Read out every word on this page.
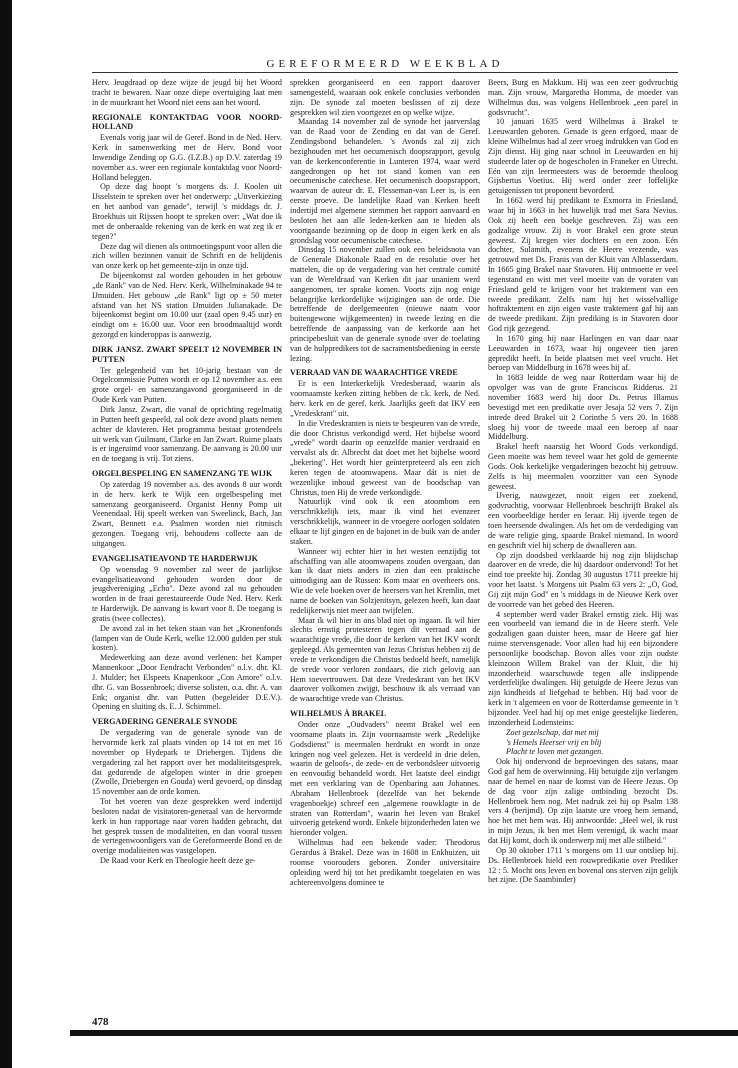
GEREFORMEERD WEEKBLAD

Herv. Jeugdraad op deze wijze de jeugd bij het Woord tracht te bewaren. Naar onze diepe overtuiging laat men in de muurkrant het Woord niet eens aan het woord.

REGIONALE KONTAKTDAG VOOR NOORD-HOLLAND

Evenals vorig jaar wil de Geref. Bond in de Ned. Herv. Kerk in samenwerking met de Herv. Bond voor Inwendige Zending op G.G. (I.Z.B.) op D.V. zaterdag 19 november a.s. weer een regionale kontaktdag voor Noord-Holland beleggen.

Op deze dag hoopt 's morgens ds. J. Koolen uit IJsselstein te spreken over het onderwerp: „Uitverkiezing en het aanbod van genade", terwijl 's middags dr. J. Broekhuis uit Rijssen hoopt te spreken over: „Wat doe ik met de onberaalde rekening van de kerk en wat zeg ik er tegen?"

Deze dag wil dienen als ontmoetingspunt voor allen die zich willen bezinnen vanuit de Schrift en de belijdenis van onze kerk op het gemeente-zijn in onze tijd.

De bijeenkomst zal worden gehouden in het gebouw „de Rank" van de Ned. Herv. Kerk, Wilhelminakade 94 te IJmuiden. Het gebouw „de Rank" ligt op ± 50 meter afstand van het NS station IJmuiden Julianakade. De bijeenkomst begint om 10.00 uur (zaal open 9.45 uur) en eindigt om ± 16.00 uur. Voor een broodmaaltijd wordt gezorgd en kinderoppas is aanwezig.

DIRK JANSZ. ZWART SPEELT 12 NOVEMBER IN PUTTEN

Ter gelegenheid van het 10-jarig bestaan van de Orgelcommissie Putten wordt er op 12 november a.s. een grote orgel- en samenzangavond georganiseerd in de Oude Kerk van Putten.

Dirk Jansz. Zwart, die vanaf de oprichting regelmatig in Putten heeft gespeeld, zal ook deze avond plaats nemen achter de klavieren. Het programma bestaat grotendeels uit werk van Guilmant, Clarke en Jan Zwart. Ruime plaats is er ingeruimd voor samenzang. De aanvang is 20.00 uur en de toegang is vrij. Tot ziens.

ORGELBESPELING EN SAMENZANG TE WIJK

Op zaterdag 19 november a.s. des avonds 8 uur wordt in de herv. kerk te Wijk een orgelbespeling met samenzang georganiseerd. Organist Henny Pomp uit Veenendaal. Hij speelt werken van Sweelinck, Bach, Jan Zwart, Bennett e.a. Psalmen worden niet ritmisch gezongen. Toegang vrij, behoudens collecte aan de uitgangen.

EVANGELISATIEAVOND TE HARDERWIJK

Op woensdag 9 november zal weer de jaarlijkse evangelisatieavond gehouden worden door de jeugdvereniging „Echo". Deze avond zal nu gehouden worden in de fraai gerestaureerde Oude Ned. Herv. Kerk te Harderwijk. De aanvang is kwart voor 8. De toegang is gratis (twee collectes).

De avond zal in het teken staan van het „Kronenfonds (lampen van de Oude Kerk, welke 12.000 gulden per stuk kosten).

Medewerking aan deze avond verlenen: het Kamper Mannenkoor „Door Eendracht Verbonden" o.l.v. dhr. Kl. J. Mulder; het Elspeets Knapenkoor „Con Amore" o.l.v. dhr. G. van Bossenbroek; diverse solisten, o.a. dhr. A. van Enk; organist dhr. van Putten (begeleider D.E.V.). Opening en sluiting ds. E. J. Schimmel.

VERGADERING GENERALE SYNODE

De vergadering van de generale synode van de hervormde kerk zal plaats vinden op 14 tot en met 16 november op Hydepark te Driebergen. Tijdens die vergadering zal het rapport over het modaliteitsgesprek, dat gedurende de afgelopen winter in drie groepen (Zwolle, Driebergen en Gouda) werd gevoerd, op dinsdag 15 november aan de orde komen.

Tot het voeren van deze gesprekken werd indertijd besloten nadat de visitatoren-generaal van de hervormde kerk in hun rapportage naar voren hadden gebracht, dat het gesprek tussen de modaliteiten, en dan vooral tussen de vertegenwoordigers van de Gereformeerde Bond en de overige modaliteiten was vastgelopen.

De Raad voor Kerk en Theologie heeft deze ge-

sprekken georganiseerd en een rapport daarover samengesteld, waaraan ook enkele conclusies verbonden zijn. De synode zal moeten beslissen of zij deze gesprekken wil zien voortgezet en op welke wijze.

Maandag 14 november zal de synode het jaarverslag van de Raad voor de Zending en dat van de Geref. Zendingsbond behandelen. 's Avonds zal zij zich bezighouden met het oecumenisch doopsrapport, gevolg van de kerkenconferentie in Lunteren 1974, waar werd aangedrongen op het tot stand komen van een oecumenische catechese. Het oecumenisch doopsrapport, waarvan de auteur dr. E. Flesseman-van Leer is, is een eerste proeve. De landelijke Raad van Kerken heeft indertijd met algemene stemmen het rapport aanvaard en besloten het aan alle leden-kerken aan te bieden als voortgaande bezinning op de doop in eigen kerk en als grondslag voor oecumenische catechese.

Dinsdag 15 november zullen ook een beleidsnota van de Generale Diakonale Raad en de resolutie over het mattelen, die op de vergadering van het centrale comité van de Wereldraad van Kerken dit jaar unaniem werd aangenomen, ter sprake komen. Voorts zijn nog enige belangrijke kerkordelijke wijzigingen aan de orde. Die betreffende de deelgemeenten (nieuwe naam voor buitengewone wijkgemeenten) in tweede lezing en die betreffende de aanpassing van de kerkorde aan het principebesluit van de generale synode over de toelating van de hulppredikers tot de sacramentsbediening in eerste lezing.

VERRAAD VAN DE WAARACHTIGE VREDE

Er is een Interkerkelijk Vredesberaad, waarin als voornaamste kerken zitting hebben de r.k. kerk, de Ned. herv. kerk en de geref. kerk. Jaarlijks geeft dat IKV een „Vredeskrant" uit.

In die Vredeskranten is niets te bespeuren van de vrede, die door Christus verkondigd werd. Het bijbelse woord „vrede" wordt daarin op eenzelfde manier verdraaid en vervalst als dr. Albrecht dat doet met het bijbelse woord „bekering". Het wordt hier geïnterpreteerd als een zich keren tegen de atoomwapens. Maar dát is niet de wezenlijke inhoud geweest van de boodschap van Christus, toen Hij de vrede verkondigde.

Natuurlijk vind ook ik een atoombom een verschrikkelijk iets, maar ik vind het evenzeer verschrikkelijk, wanneer in de vroegere oorlogen soldaten elkaar te lijf gingen en de bajonet in de buik van de ander staken.

Wanneer wij echter hier in het westen eenzijdig tot afschaffing van alle atoomwapens zouden overgaan, dan kan ik daar niets anders in zien dan een praktische uitnodiging aan de Russen: Kom maar en overheers ons. Wie de vele boeken over de heersers van het Kremlin, met name de boeken van Solzjenitsyn, gelezen heeft, kan daar redelijkerwijs niet meer aan twijfelen.

Maar ik wil hier in ons blad niet op ingaan. Ik wil hier slechts ernstig protesteren tegen dit verraad aan de waarachtige vrede, die door de kerken van het IKV wordt gepleegd. Als gemeenten van Jezus Christus hebben zij de vrede te verkondigen die Christus bedoeld heeft, namelijk de vrede voor verloren zondaars, die zich gelovig aan Hem toevertrouwen. Dat deze Vredeskrant van het IKV daarover volkomen zwijgt, beschouw ik als verraad van de waarachtige vrede van Christus.

WILHELMUS À BRAKEL

Onder onze „Oudvaders" neemt Brakel wel een voorname plaats in. Zijn voornaamste werk „Redelijke Godsdienst" is meermalen herdrukt en wordt in onze kringen nog veel gelezen. Het is verdeeld in drie delen, waarin de geloofs-, de zede- en de verbondsleer uitvoerig en eenvoudig behandeld wordt. Het laatste deel eindigt met een verklaring van de Openbaring aan Johannes. Abraham Hellenbroek (dezelfde van het bekende vragenboekje) schreef een „algemene rouwklagte in de straten van Rotterdam", waarin het leven van Brakel uitvoerig getekend wordt. Enkele bijzonderheden laten we hieronder volgen.

Wilhelmus had een bekende vader: Theodorus Gerardus à Brakel. Deze was in 1608 in Enkhuizen, uit roomse voorouders geboren. Zonder universitaire opleiding werd hij tot het predikambt toegelaten en was achtereenvolgens dominee te

Beers, Burg en Makkum. Hij was een zeer godvruchtig man. Zijn vrouw, Margaretha Homma, de moeder van Wilhelmus dus, was volgens Hellenbroek „een parel in godsvrucht".

10 januari 1635 werd Wilhelmus à Brakel te Leeuwarden geboren. Genade is geen erfgoed, maar de kleine Wilhelmus had al zeer vroeg indrukken van God en Zijn dienst. Hij ging naar school in Leeuwarden en hij studeerde later op de hogescholen in Franeker en Utrecht. Eén van zijn leermeesters was de beroemde theoloog Gijsbertus Voetius. Hij werd onder zeer loffelijke getuigenissen tot proponent bevorderd.

In 1662 werd hij predikant te Exmorra in Friesland, waar hij in 1663 in het huwelijk trad met Sara Nevius. Ook zij heeft een boekje geschreven. Zij was een godzalige vrouw. Zij is voor Brakel een grote steun geweest. Zij kregen vier dochters en een zoon. Eén dochter, Sulamith, evenens de Heere vrezende, was getrouwd met Ds. Franis van der Kluit van Alblasserdam. In 1665 ging Brakel naar Stavoren. Hij ontmoette er veel tegenstand en wist met veel moeite van de voraten van Friesland geld te krijgen voor het traktement van een tweede predikant. Zelfs nam hij het wisselvallige hoftraktement en zijn eigen vaste traktement gaf hij aan de tweede predikant. Zijn prediking is in Stavoren door God rijk gezegend.

In 1670 ging hij naar Harlingen en van daar naar Leeuwarden in 1673, waar hij ongeveer tien jaren gepredikt heeft. In beide plaatsen met veel vrucht. Het beroep van Middelburg in 1678 wees hij af.

In 1683 leidde de weg naar Rotterdam waar hij de opvolger was van de grote Franciscus Ridderus. 21 november 1683 werd hij door Ds. Petrus Illamus bevestigd met een predikatie over Jesaja 52 vers 7. Zijn intrede deed Brakel uit 2 Corinthe 5 vers 20. In 1688 sloeg hij voor de tweede maal een beroep af naar Middelburg.

Brakel heeft naarstig het Woord Gods verkondigd. Geen moeite was hem teveel waar het gold de gemeente Gods. Ook kerkelijke vergaderingen bezocht hij getrouw. Zelfs is hij meermalen voorzitter van een Synode geweest.

IJverig, nauwgezet, nooit eigen eer zoekend, godvruchtig, voorwaar Hellenbroek beschrijft Brakel als een voorbeeldige herder en leraar. Hij ijverde tegen de toen heersende dwalingen. Als het om de verdediging van de ware religie ging, spaarde Brakel niemand. In woord en geschrift viel hij scherp de dwaalleren aan.

Op zijn doodsbed verklaarde hij nog zijn blijdschap daarover en de vrede, die hij daardoor ondervond! Tot het eind toe preekte hij. Zondag 30 augustus 1711 preekte hij voor het laatst. 's Morgens uit Psalm 63 vers 2: „O, God, Gij zijt mijn God" en 's middags in de Nieuwe Kerk over de voorrede van het gebed des Heeren.

4 september werd vader Brakel ernstig ziek. Hij was een voorbeeld van iemand die in de Heere sterft. Vele godzaligen gaan duister heen, maar de Heere gaf hier ruime stervensgenade. Voor allen had hij een bijzondere persoonlijke boodschap. Bovon alles voor zijn oudste kleinzoon Willem Brakel van der Kluit, die hij inzonderheid waarschuwde tegen alle inslippende verderfelijke dwalingen. Hij getuigde de Heere Jezus van zijn kindheids af liefgehad te hebben. Hij bad voor de kerk in 't algemeen en voor de Rotterdamse gemeente in 't bijzonder. Veel had hij op met enige geestelijke liederen, inzonderheid Lodensteins:

Zoet gezelschap, dat met mij
's Hemels Heerser vrij en blij
Placht te loven met gezangen.

Ook hij ondervond de beproevingen des satans, maar God gaf hem de overwinning. Hij betuigde zijn verlangen naar de hemel en naar de komst van de Heere Jezus. Op de dag voor zijn zalige ontbinding bezocht Ds. Hellenbroek hem nog. Met nadruk zei hij op Psalm 138 vers 4 (berijmd). Op zijn laatste ure vroeg hem iemand, hoe het met hem was. Hij antwoordde: „Heel wel, ik rust in mijn Jezus, ik ben met Hem verenigd, ik wacht maar dat Hij komt, doch ik onderwerp mij met alle stilheid."

Op 30 oktober 1711 's morgens om 11 uur ontsliep hij. Ds. Hellenbroek hield een rouwpredikatie over Prediker 12 : 5. Mocht ons leven en bovenal ons sterven zijn gelijk het zijne. (De Saambinder)

478
